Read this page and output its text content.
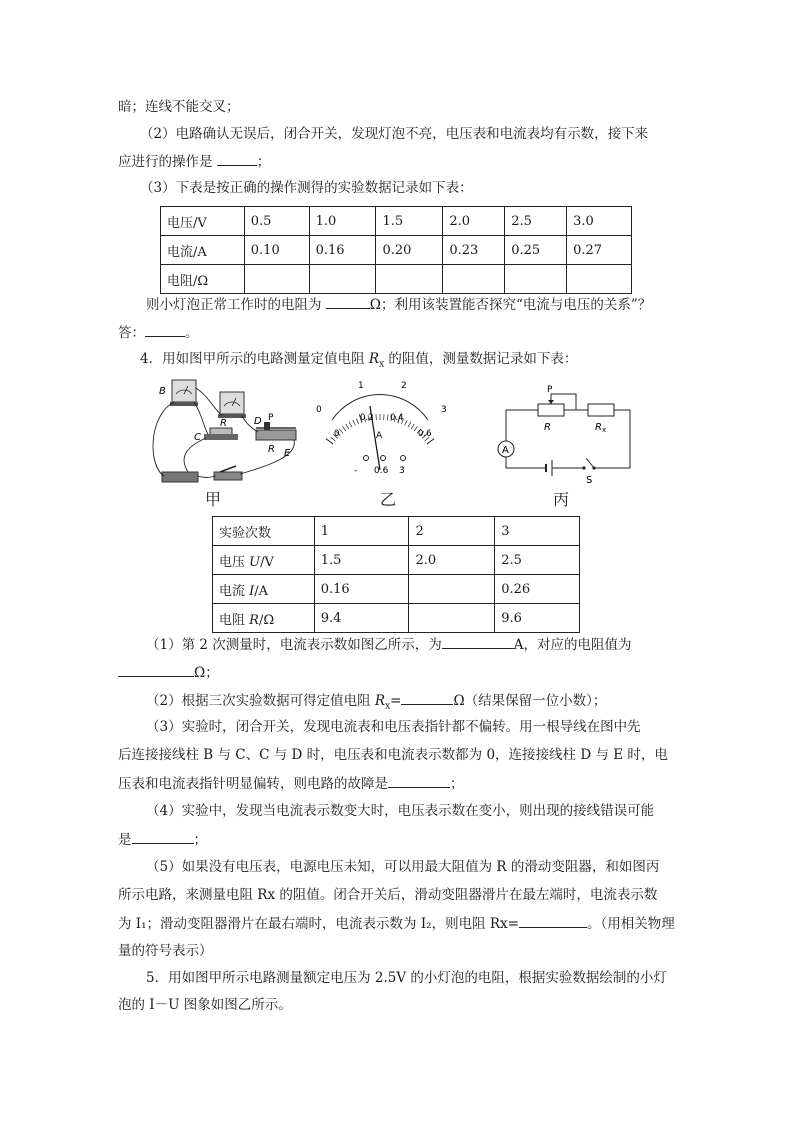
暗；连线不能交叉；
（2）电路确认无误后，闭合开关，发现灯泡不亮，电压表和电流表均有示数，接下来
应进行的操作是	；
（3）下表是按正确的操作测得的实验数据记录如下表：
电压/V	0.5	1.0	1.5	2.0	2.5	3.0
电流/A	0.10	0.16	0.20	0.23	0.25	0.27
电阻/Ω						
则小灯泡正常工作时的电阻为	Ω；利用该装置能否探究“电流与电压的关系”？
答：	。
4．用如图甲所示的电路测量定值电阻 $R_x$ 的阻值，测量数据记录如下表：
B
C
R	D P
R E
甲
0
1	2
3
0
0.2 0.4
0.6
A
- 0.6 3
乙
A
P
R	R x
S
丙
实验次数	1	2	3
电压 U/V	1.5	2.0	2.5
电流 I/A	0.16		0.26
电阻 R/Ω	9.4		9.6
（1）第 2 次测量时，电流表示数如图乙所示，为	A，对应的电阻值为
Ω；
（2）根据三次实验数据可得定值电阻 $R_x=$	Ω（结果保留一位小数）；
（3）实验时，闭合开关，发现电流表和电压表指针都不偏转。用一根导线在图中先
后连接接线柱 B 与 C、C 与 D 时，电压表和电流表示数都为 0，连接接线柱 D 与 E 时，电
压表和电流表指针明显偏转，则电路的故障是	；
（4）实验中，发现当电流表示数变大时，电压表示数在变小，则出现的接线错误可能
是	；
（5）如果没有电压表，电源电压未知，可以用最大阻值为 R 的滑动变阻器，和如图丙
所示电路，来测量电阻 Rx 的阻值。闭合开关后，滑动变阻器滑片在最左端时，电流表示数
为 I₁；滑动变阻器滑片在最右端时，电流表示数为 I₂，则电阻 Rx=	。（用相关物理
量的符号表示）
5．用如图甲所示电路测量额定电压为 2.5V 的小灯泡的电阻，根据实验数据绘制的小灯
泡的 I－U 图象如图乙所示。
